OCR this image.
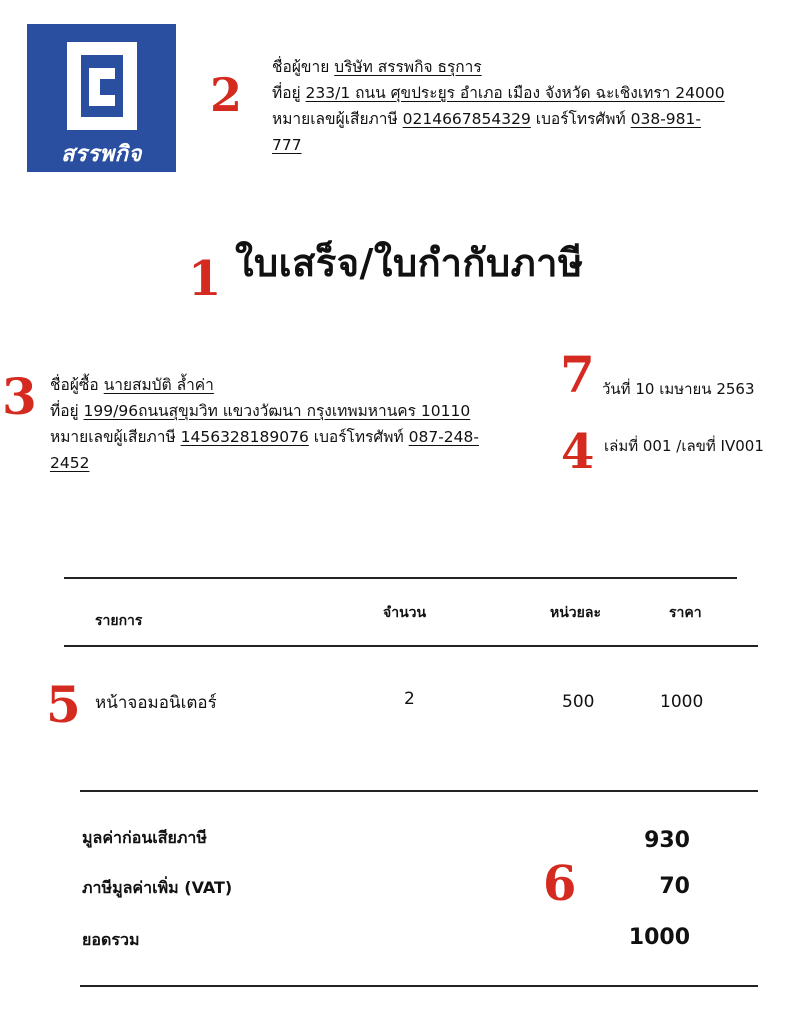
สรรพกิจ
2
1
3	7
4
5
6

ชื่อผู้ขาย บริษัท สรรพกิจ ธรุการ

ที่อยู่ 233/1 ถนน ศุขประยูร อำเภอ เมือง จังหวัด ฉะเชิงเทรา 24000

หมายเลขผู้เสียภาษี 0214667854329 เบอร์โทรศัพท์ 038-981-

777

ใบเสร็จ/ใบกำกับภาษี

ชื่อผู้ซื้อ นายสมบัติ ล้ำค่า

ที่อยู่ 199/96ถนนสุขุมวิท แขวงวัฒนา กรุงเทพมหานคร 10110

หมายเลขผู้เสียภาษี 1456328189076 เบอร์โทรศัพท์ 087-248-

2452

วันที่ 10 เมษายน 2563
เล่มที่ 001 /เลขที่ IV001
รายการ	จำนวน	หน่วยละ	ราคา
หน้าจอมอนิเตอร์	2	500	1000
มูลค่าก่อนเสียภาษี	930
ภาษีมูลค่าเพิ่ม (VAT)	70
ยอดรวม	1000
